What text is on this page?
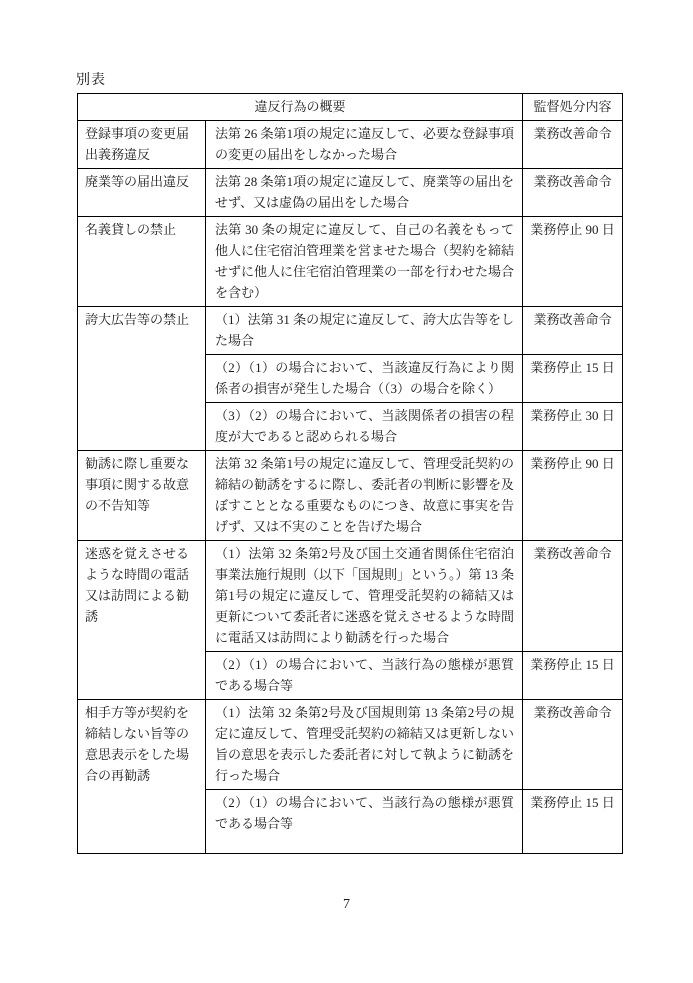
別表
違反行為の概要		監督処分内容
登録事項の変更届出義務違反	法第 26 条第1項の規定に違反して、必要な登録事項の変更の届出をしなかった場合	業務改善命令
廃業等の届出違反	法第 28 条第1項の規定に違反して、廃業等の届出をせず、又は虚偽の届出をした場合	業務改善命令
名義貸しの禁止	法第 30 条の規定に違反して、自己の名義をもって他人に住宅宿泊管理業を営ませた場合（契約を締結せずに他人に住宅宿泊管理業の一部を行わせた場合を含む）	業務停止 90 日
誇大広告等の禁止	（1）法第 31 条の規定に違反して、誇大広告等をした場合	業務改善命令
	（2）（1）の場合において、当該違反行為により関係者の損害が発生した場合（（3）の場合を除く）	業務停止 15 日
	（3）（2）の場合において、当該関係者の損害の程度が大であると認められる場合	業務停止 30 日
勧誘に際し重要な事項に関する故意の不告知等	法第 32 条第1号の規定に違反して、管理受託契約の締結の勧誘をするに際し、委託者の判断に影響を及ぼすこととなる重要なものにつき、故意に事実を告げず、又は不実のことを告げた場合	業務停止 90 日
迷惑を覚えさせるような時間の電話又は訪問による勧誘	（1）法第 32 条第2号及び国土交通省関係住宅宿泊事業法施行規則（以下「国規則」という。）第 13 条第1号の規定に違反して、管理受託契約の締結又は更新について委託者に迷惑を覚えさせるような時間に電話又は訪問により勧誘を行った場合	業務改善命令
	（2）（1）の場合において、当該行為の態様が悪質である場合等	業務停止 15 日
相手方等が契約を締結しない旨等の意思表示をした場合の再勧誘	（1）法第 32 条第2号及び国規則第 13 条第2号の規定に違反して、管理受託契約の締結又は更新しない旨の意思を表示した委託者に対して執ように勧誘を行った場合	業務改善命令
	（2）（1）の場合において、当該行為の態様が悪質である場合等	業務停止 15 日
7
